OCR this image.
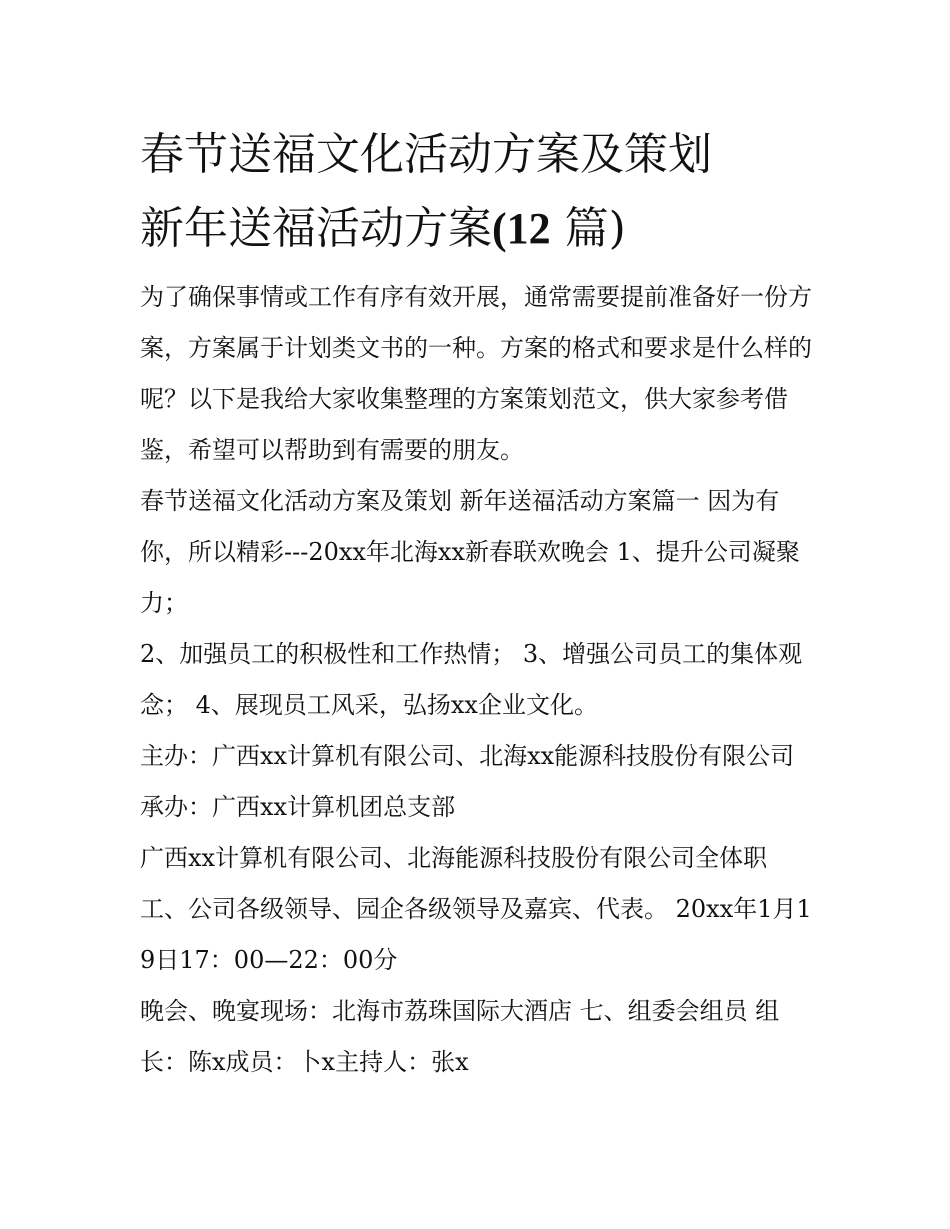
春节送福文化活动方案及策划
新年送福活动方案(12 篇)

为了确保事情或工作有序有效开展，通常需要提前准备好一份方案，方案属于计划类文书的一种。方案的格式和要求是什么样的呢？以下是我给大家收集整理的方案策划范文，供大家参考借鉴，希望可以帮助到有需要的朋友。

春节送福文化活动方案及策划 新年送福活动方案篇一 因为有你，所以精彩---20xx年北海xx新春联欢晚会 1、提升公司凝聚力；

2、加强员工的积极性和工作热情； 3、增强公司员工的集体观念； 4、展现员工风采，弘扬xx企业文化。

主办：广西xx计算机有限公司、北海xx能源科技股份有限公司 承办：广西xx计算机团总支部

广西xx计算机有限公司、北海能源科技股份有限公司全体职工、公司各级领导、园企各级领导及嘉宾、代表。 20xx年1月19日17：00—22：00分

晚会、晚宴现场：北海市荔珠国际大酒店 七、组委会组员 组长：陈x成员：卜x主持人：张x
